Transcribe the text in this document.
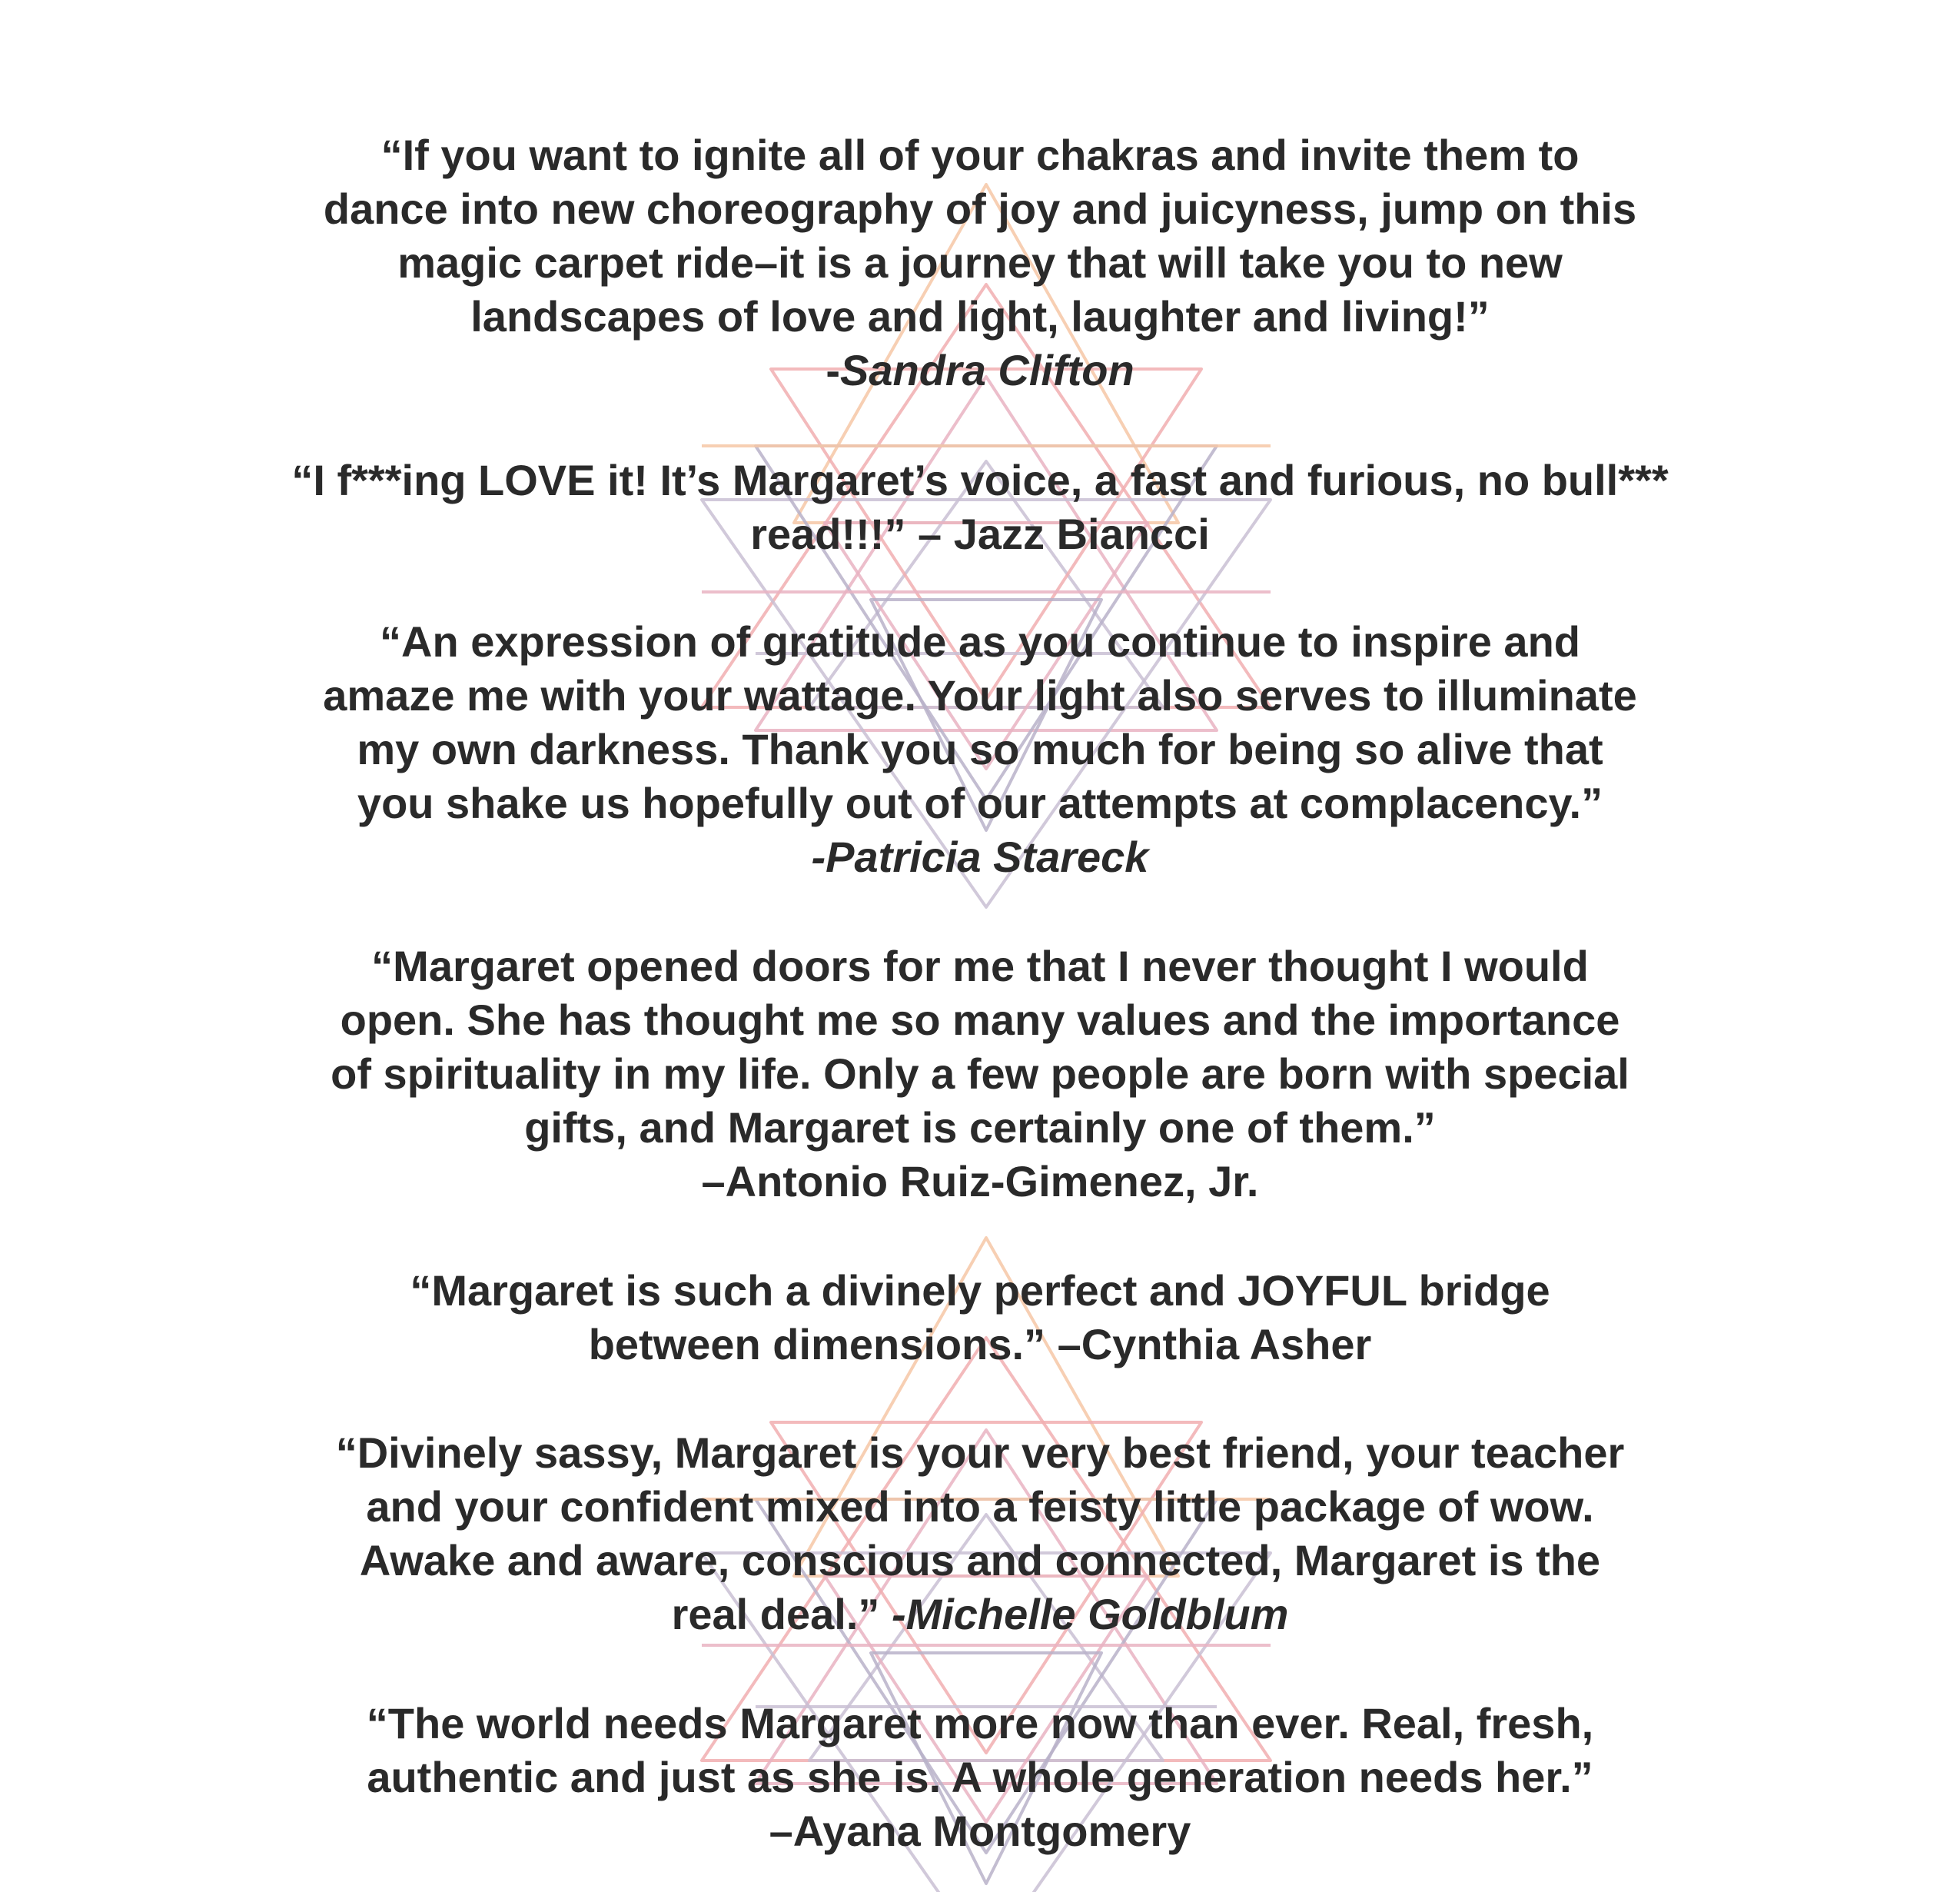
“If you want to ignite all of your chakras and invite them to
dance into new choreography of joy and juicyness, jump on this
magic carpet ride–it is a journey that will take you to new
landscapes of love and light, laughter and living!”
-Sandra Clifton
“I f***ing LOVE it! It’s Margaret’s voice, a fast and furious, no bull***
read!!!” – Jazz Biancci
“An expression of gratitude as you continue to inspire and
amaze me with your wattage. Your light also serves to illuminate
my own darkness. Thank you so much for being so alive that
you shake us hopefully out of our attempts at complacency.”
-Patricia Stareck
“Margaret opened doors for me that I never thought I would
open. She has thought me so many values and the importance
of spirituality in my life. Only a few people are born with special
gifts, and Margaret is certainly one of them.”
–Antonio Ruiz-Gimenez, Jr.
“Margaret is such a divinely perfect and JOYFUL bridge
between dimensions.” –Cynthia Asher
“Divinely sassy, Margaret is your very best friend, your teacher
and your confident mixed into a feisty little package of wow.
Awake and aware, conscious and connected, Margaret is the
real deal.” -Michelle Goldblum
“The world needs Margaret more now than ever. Real, fresh,
authentic and just as she is. A whole generation needs her.”
–Ayana Montgomery
